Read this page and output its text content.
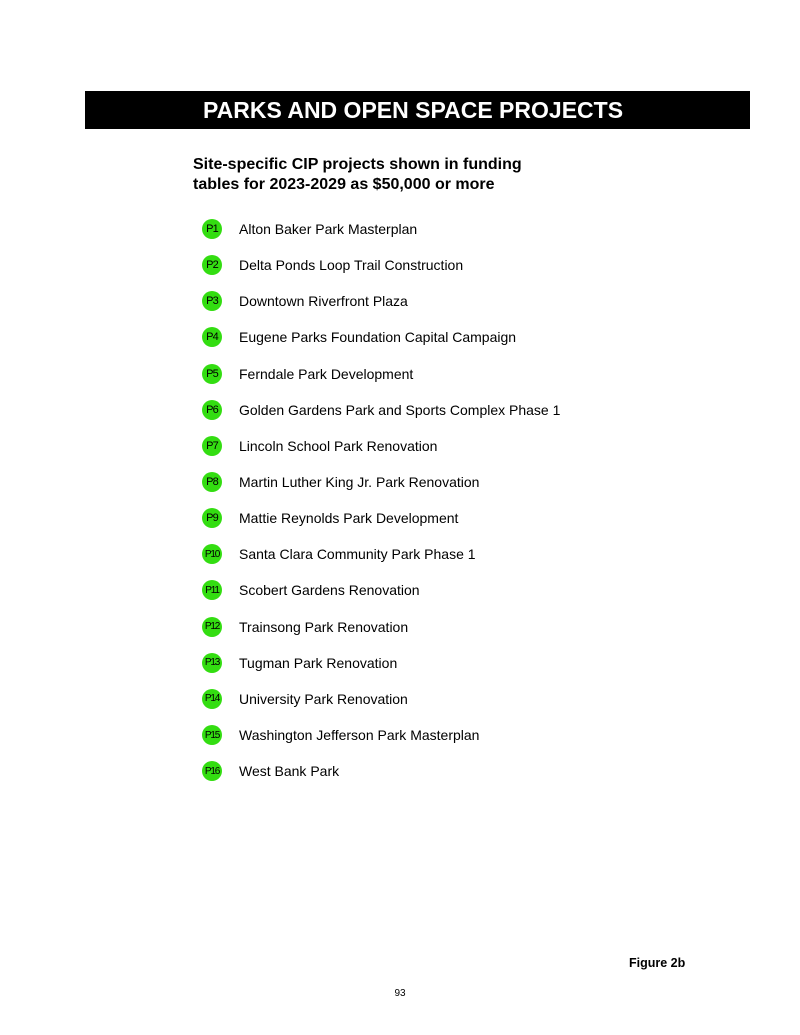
PARKS AND OPEN SPACE PROJECTS
Site-specific CIP projects shown in funding
tables for 2023-2029 as $50,000 or more
P1 Alton Baker Park Masterplan
P2 Delta Ponds Loop Trail Construction
P3 Downtown Riverfront Plaza
P4 Eugene Parks Foundation Capital Campaign
P5 Ferndale Park Development
P6 Golden Gardens Park and Sports Complex Phase 1
P7 Lincoln School Park Renovation
P8 Martin Luther King Jr. Park Renovation
P9 Mattie Reynolds Park Development
P10 Santa Clara Community Park Phase 1
P11 Scobert Gardens Renovation
P12 Trainsong Park Renovation
P13 Tugman Park Renovation
P14 University Park Renovation
P15 Washington Jefferson Park Masterplan
P16 West Bank Park
Figure 2b
93
